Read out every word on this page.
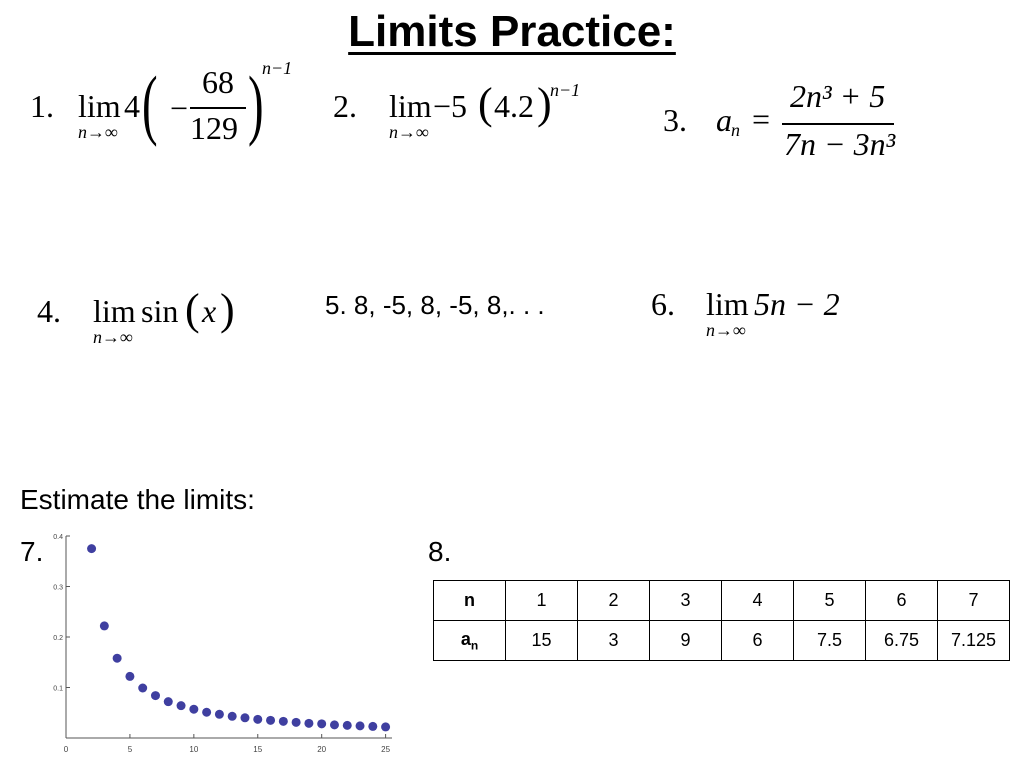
Limits Practice:
1. lim
n→∞
4 ( −
68
129 )
n−1
2. lim
n→∞
−5 ( 4.2 )
n−1
3. a n =
2n³ + 5
7n − 3n³
4. lim
n→∞
sin ( x )	5. 8, -5, 8, -5, 8,. . .	6. lim
n→∞
5n − 2
Estimate the limits:
7.	8.
0	5	10	15	20	25
0.1
0.2
0.3
0.4
n	1	2	3	4	5	6	7
$a_n$	15	3	9	6	7.5	6.75	7.125
